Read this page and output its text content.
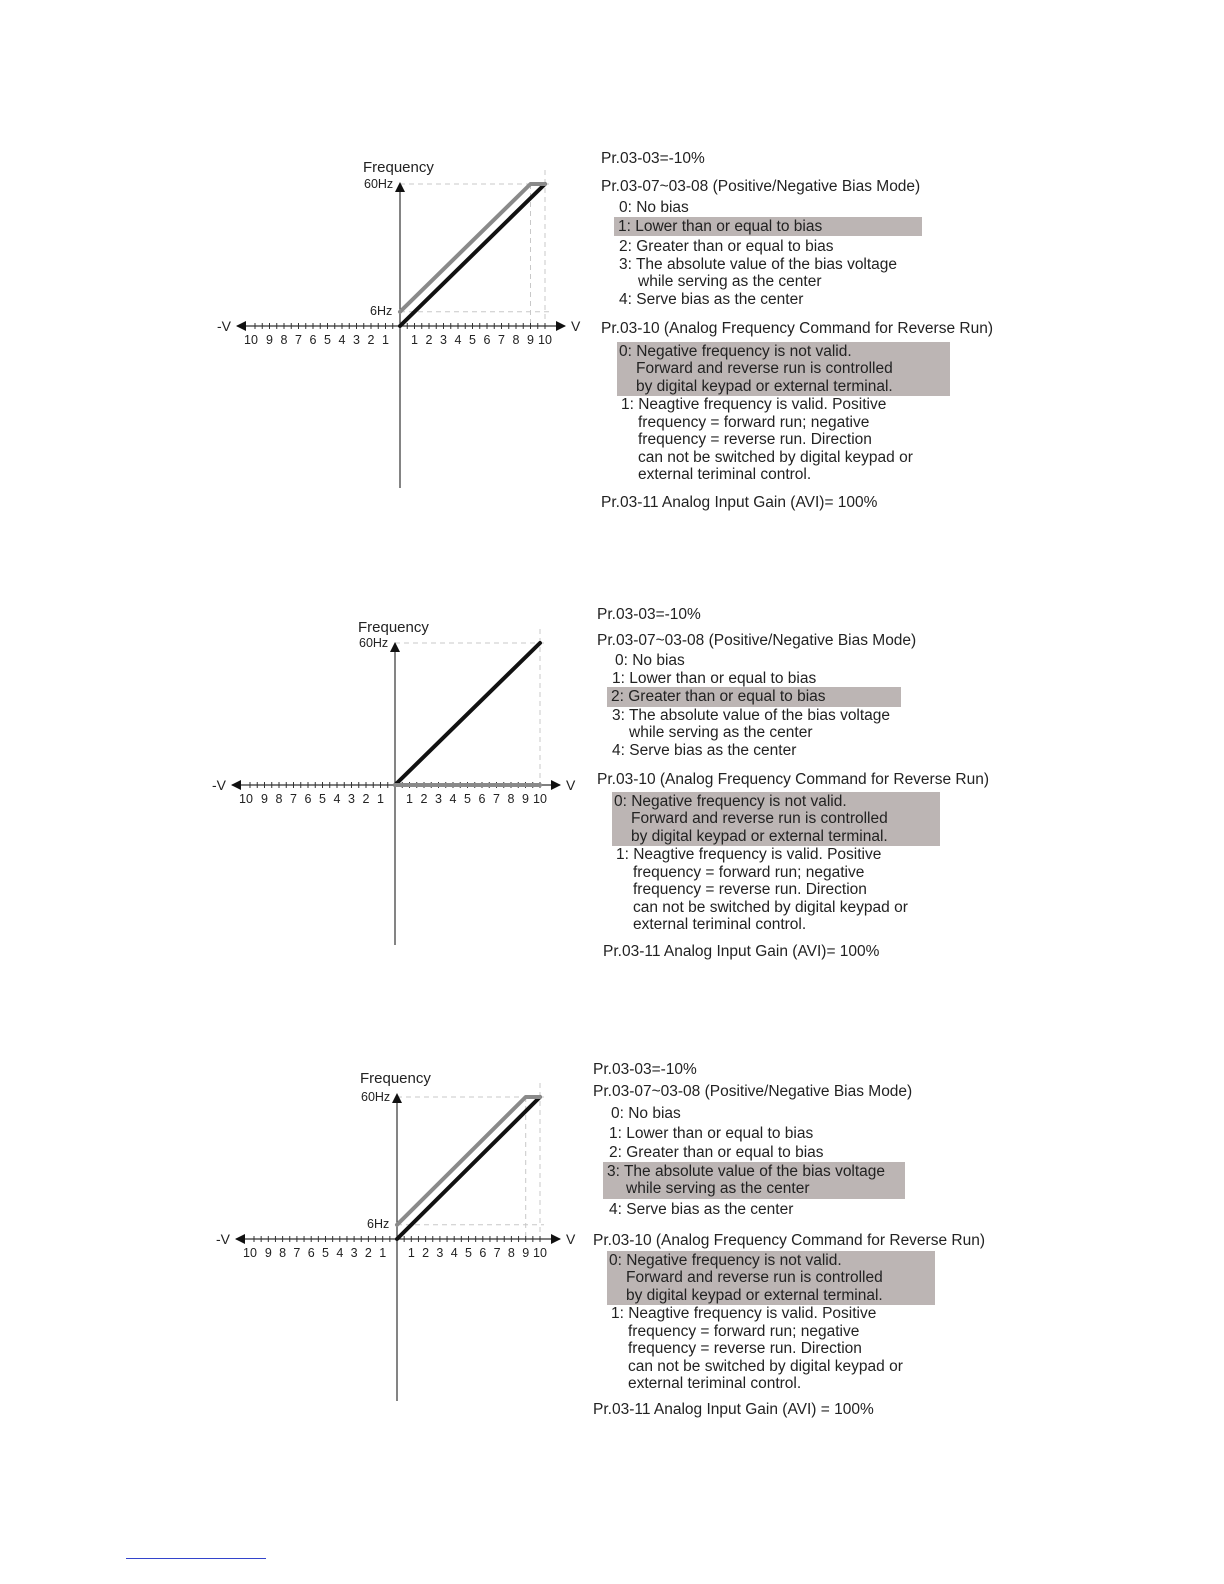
Frequency
-V	V
60Hz
6Hz
10 9 8 7 6 5 4 3 2 1 1 2 3 4 5 6 7 8 9 10
Pr.03-03=-10%
Pr.03-07~03-08 (Positive/Negative Bias Mode)
0: No bias
1: Lower than or equal to bias
2: Greater than or equal to bias
3: The absolute value of the bias voltage
while serving as the center
4: Serve bias as the center
Pr.03-10 (Analog Frequency Command for Reverse Run)
0: Negative frequency is not valid.
Forward and reverse run is controlled
by digital keypad or external terminal.
1: Neagtive frequency is valid. Positive
frequency = forward run; negative
frequency = reverse run. Direction
can not be switched by digital keypad or
external teriminal control.
Pr.03-11 Analog Input Gain (AVI)= 100%
Frequency
-V	V
60Hz
10 9 8 7 6 5 4 3 2 1 1 2 3 4 5 6 7 8 9 10
Pr.03-03=-10%
Pr.03-07~03-08 (Positive/Negative Bias Mode)
0: No bias
1: Lower than or equal to bias
2: Greater than or equal to bias
3: The absolute value of the bias voltage
while serving as the center
4: Serve bias as the center
Pr.03-10 (Analog Frequency Command for Reverse Run)
0: Negative frequency is not valid.
Forward and reverse run is controlled
by digital keypad or external terminal.
1: Neagtive frequency is valid. Positive
frequency = forward run; negative
frequency = reverse run. Direction
can not be switched by digital keypad or
external teriminal control.
Pr.03-11 Analog Input Gain (AVI)= 100%
Frequency
-V	V
60Hz
6Hz
10 9 8 7 6 5 4 3 2 1 1 2 3 4 5 6 7 8 9 10
Pr.03-03=-10%
Pr.03-07~03-08 (Positive/Negative Bias Mode)
0: No bias
1: Lower than or equal to bias
2: Greater than or equal to bias
3: The absolute value of the bias voltage
while serving as the center
4: Serve bias as the center
Pr.03-10 (Analog Frequency Command for Reverse Run)
0: Negative frequency is not valid.
Forward and reverse run is controlled
by digital keypad or external terminal.
1: Neagtive frequency is valid. Positive
frequency = forward run; negative
frequency = reverse run. Direction
can not be switched by digital keypad or
external teriminal control.
Pr.03-11 Analog Input Gain (AVI) = 100%
